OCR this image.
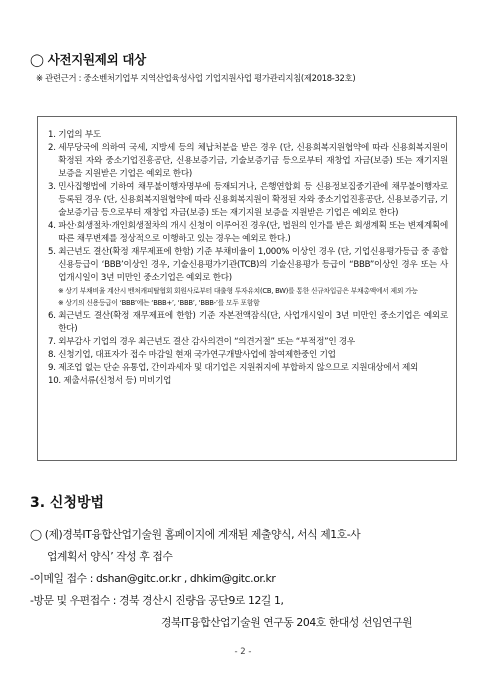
◯ 사전지원제외 대상
※ 관련근거 : 중소벤처기업부 지역산업육성사업 기업지원사업 평가관리지침(제2018-32호)
1. 기업의 부도
2. 세무당국에 의하여 국세, 지방세 등의 체납처분을 받은 경우 (단, 신용회복지원협약에 따라 신용회복지원이 확정된 자와 중소기업진흥공단, 신용보증기금, 기술보증기금 등으로부터 재창업 자금(보증) 또는 재기지원 보증을 지원받은 기업은 예외로 한다)
3. 민사집행법에 기하여 채무불이행자명부에 등재되거나, 은행연합회 등 신용정보집중기관에 채무불이행자로 등록된 경우 (단, 신용회복지원협약에 따라 신용회복지원이 확정된 자와 중소기업진흥공단, 신용보증기금, 기술보증기금 등으로부터 재창업 자금(보증) 또는 재기지원 보증을 지원받은 기업은 예외로 한다)
4. 파산·회생절차·개인회생절차의 개시 신청이 이루어진 경우(단, 법원의 인가를 받은 회생계획 또는 변제계획에 따른 채무변제를 정상적으로 이행하고 있는 경우는 예외로 한다.)
5. 최근년도 결산(확정 재무제표에 한함) 기준 부채비율이 1,000% 이상인 경우 (단, 기업신용평가등급 중 종합신용등급이 ‘BBB’이상인 경우, 기술신용평가기관(TCB)의 기술신용평가 등급이 “BBB”이상인 경우 또는 사업개시일이 3년 미만인 중소기업은 예외로 한다)
※ 상기 부채비율 계산시 벤처캐피탈협회 회원사로부터 대출형 투자유치(CB, BW)를 통한 신규차입금은 부채총액에서 제외 가능
※ 상기의 신용등급이 ‘BBB’에는 ‘BBB+’, ‘BBB’, ‘BBB-’를 모두 포함함
6. 최근년도 결산(확정 재무제표에 한함) 기준 자본전액잠식(단, 사업개시일이 3년 미만인 중소기업은 예외로 한다)
7. 외부감사 기업의 경우 최근년도 결산 감사의견이 “의견거절” 또는 “부적정”인 경우
8. 신청기업, 대표자가 접수 마감일 현재 국가연구개발사업에 참여제한중인 기업
9. 제조업 없는 단순 유통업, 간이과세자 및 대기업은 지원취지에 부합하지 않으므로 지원대상에서 제외
10. 제출서류(신청서 등) 미비기업
3. 신청방법
◯ (제)경북IT융합산업기술원 홈페이지에 게재된 제출양식, 서식 제1호-사
업계획서 양식’ 작성 후 접수
-이메일 접수 : dshan@gitc.or.kr , dhkim@gitc.or.kr
-방문 및 우편접수 : 경북 경산시 진량읍 공단9로 12길 1,
경북IT융합산업기술원 연구동 204호 한대성 선임연구원
- 2 -
